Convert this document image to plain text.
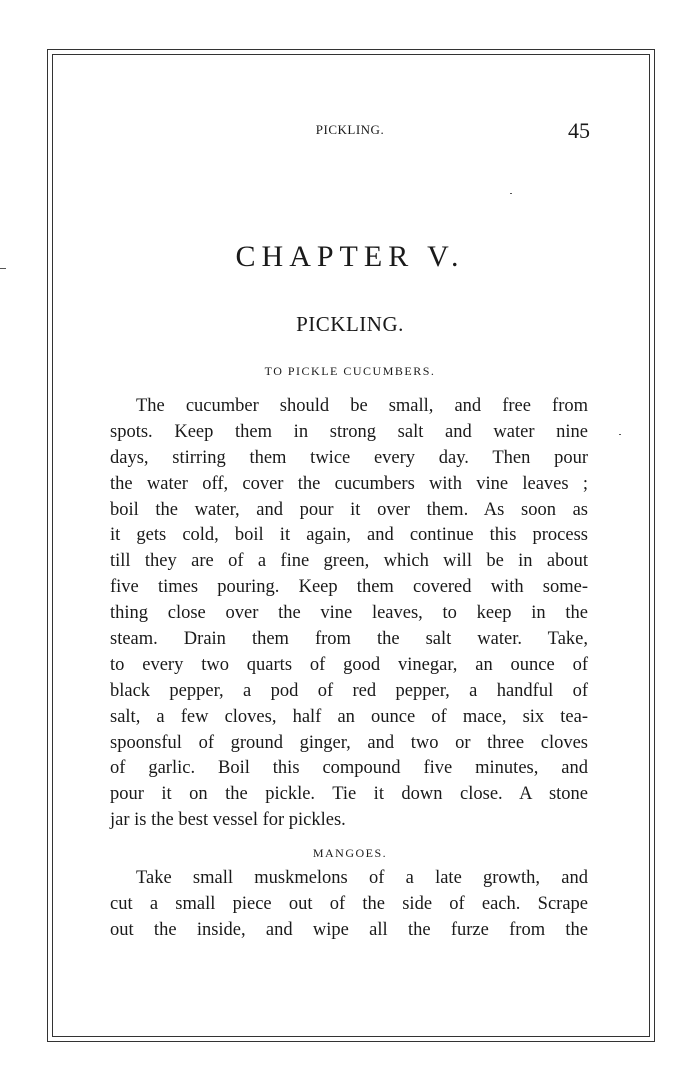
PICKLING.	45
CHAPTER V.
PICKLING.
TO PICKLE CUCUMBERS.
The cucumber should be small, and free from
spots. Keep them in strong salt and water nine
days, stirring them twice every day. Then pour
the water off, cover the cucumbers with vine leaves ;
boil the water, and pour it over them. As soon as
it gets cold, boil it again, and continue this process
till they are of a fine green, which will be in about
five times pouring. Keep them covered with some-
thing close over the vine leaves, to keep in the
steam. Drain them from the salt water. Take,
to every two quarts of good vinegar, an ounce of
black pepper, a pod of red pepper, a handful of
salt, a few cloves, half an ounce of mace, six tea-
spoonsful of ground ginger, and two or three cloves
of garlic. Boil this compound five minutes, and
pour it on the pickle. Tie it down close. A stone
jar is the best vessel for pickles.
MANGOES.
Take small muskmelons of a late growth, and
cut a small piece out of the side of each. Scrape
out the inside, and wipe all the furze from the
